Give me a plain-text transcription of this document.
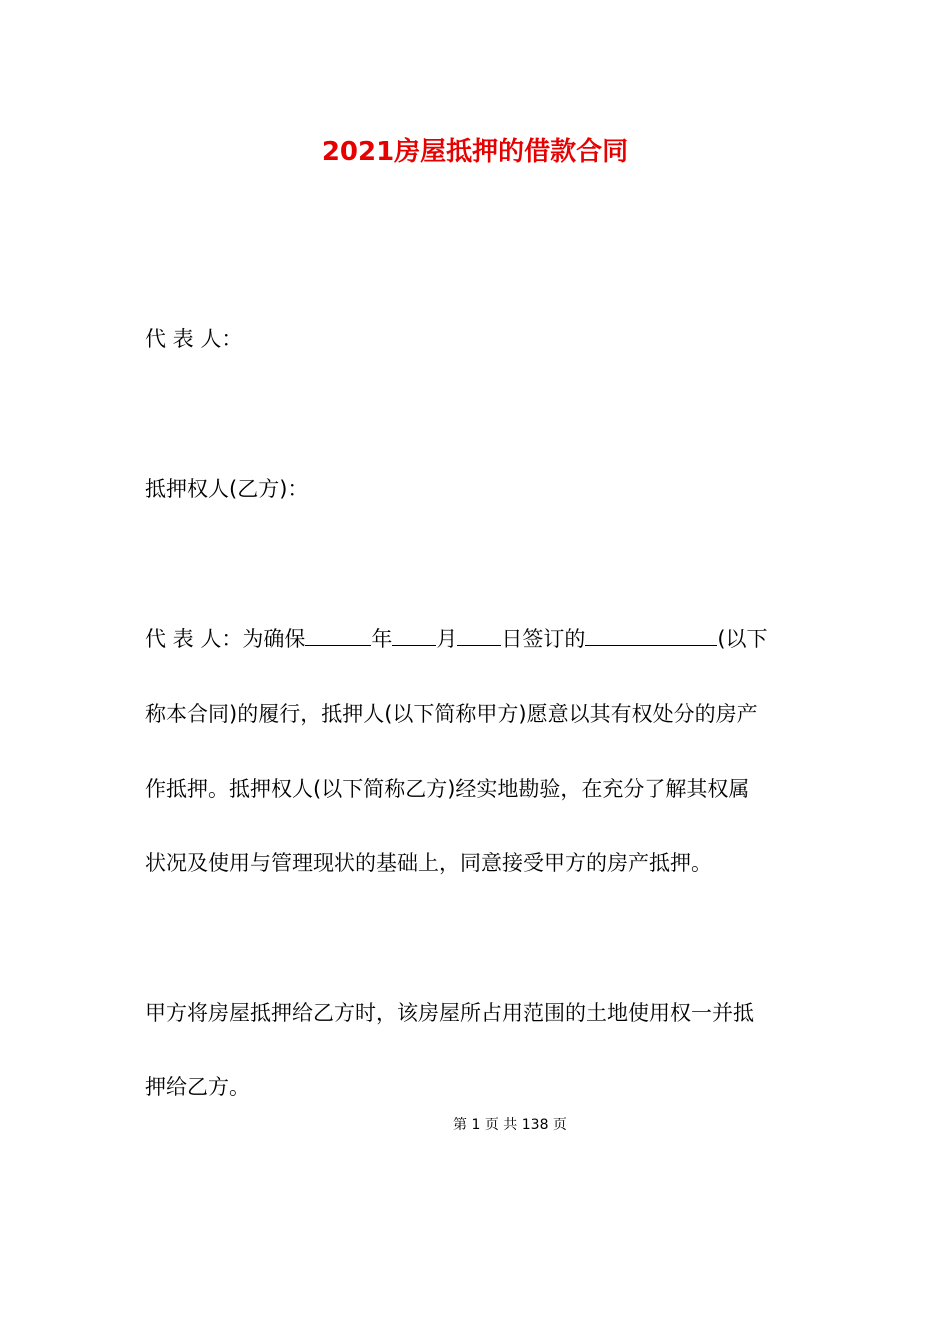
2021房屋抵押的借款合同
代 表 人：
抵押权人(乙方)：
代 表 人：为确保	年 月 日签订的	(以下
称本合同)的履行，抵押人(以下简称甲方)愿意以其有权处分的房产
作抵押。抵押权人(以下简称乙方)经实地勘验，在充分了解其权属
状况及使用与管理现状的基础上，同意接受甲方的房产抵押。
甲方将房屋抵押给乙方时，该房屋所占用范围的土地使用权一并抵
押给乙方。
第 1 页 共 138 页
